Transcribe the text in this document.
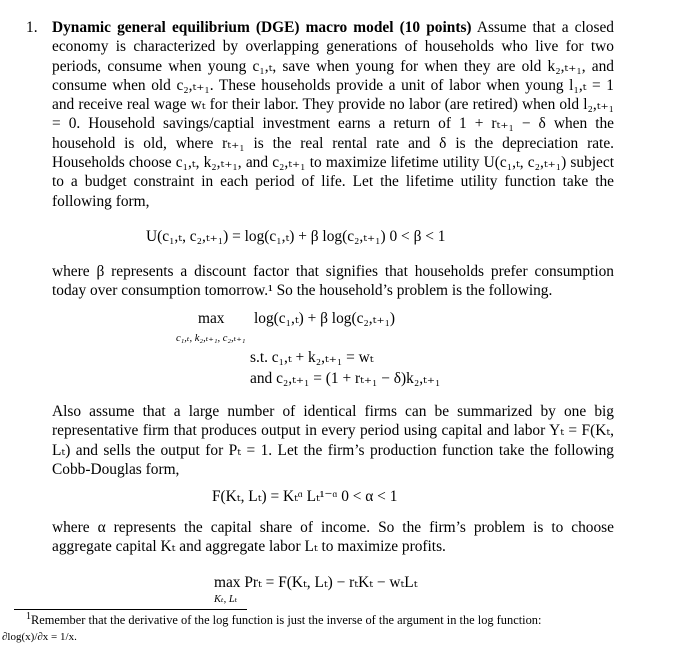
1. Dynamic general equilibrium (DGE) macro model (10 points) Assume that a closed economy is characterized by overlapping generations of households who live for two periods, consume when young c₁,ₜ, save when young for when they are old k₂,ₜ₊₁, and consume when old c₂,ₜ₊₁. These households provide a unit of labor when young l₁,ₜ = 1 and receive real wage wₜ for their labor. They provide no labor (are retired) when old l₂,ₜ₊₁ = 0. Household savings/captial investment earns a return of 1 + rₜ₊₁ − δ when the household is old, where rₜ₊₁ is the real rental rate and δ is the depreciation rate. Households choose c₁,ₜ, k₂,ₜ₊₁, and c₂,ₜ₊₁ to maximize lifetime utility U(c₁,ₜ, c₂,ₜ₊₁) subject to a budget constraint in each period of life. Let the lifetime utility function take the following form,

U(c₁,ₜ, c₂,ₜ₊₁) = log(c₁,ₜ) + β log(c₂,ₜ₊₁) 0 < β < 1

where β represents a discount factor that signifies that households prefer consumption today over consumption tomorrow.¹ So the household’s problem is the following.

max
c₁,ₜ, k₂,ₜ₊₁, c₂,ₜ₊₁
log(c₁,ₜ) + β log(c₂,ₜ₊₁)
s.t. c₁,ₜ + k₂,ₜ₊₁ = wₜ
and c₂,ₜ₊₁ = (1 + rₜ₊₁ − δ)k₂,ₜ₊₁

Also assume that a large number of identical firms can be summarized by one big representative firm that produces output in every period using capital and labor Yₜ = F(Kₜ, Lₜ) and sells the output for Pₜ = 1. Let the firm’s production function take the following Cobb-Douglas form,

F(Kₜ, Lₜ) = Kₜᵅ Lₜ¹⁻ᵅ 0 < α < 1

where α represents the capital share of income. So the firm’s problem is to choose aggregate capital Kₜ and aggregate labor Lₜ to maximize profits.

max Prₜ = F(Kₜ, Lₜ) − rₜKₜ − wₜLₜ
Kₜ, Lₜ
$^1$Remember that the derivative of the log function is just the inverse of the argument in the log function:
∂log(x)/∂x = 1/x.
